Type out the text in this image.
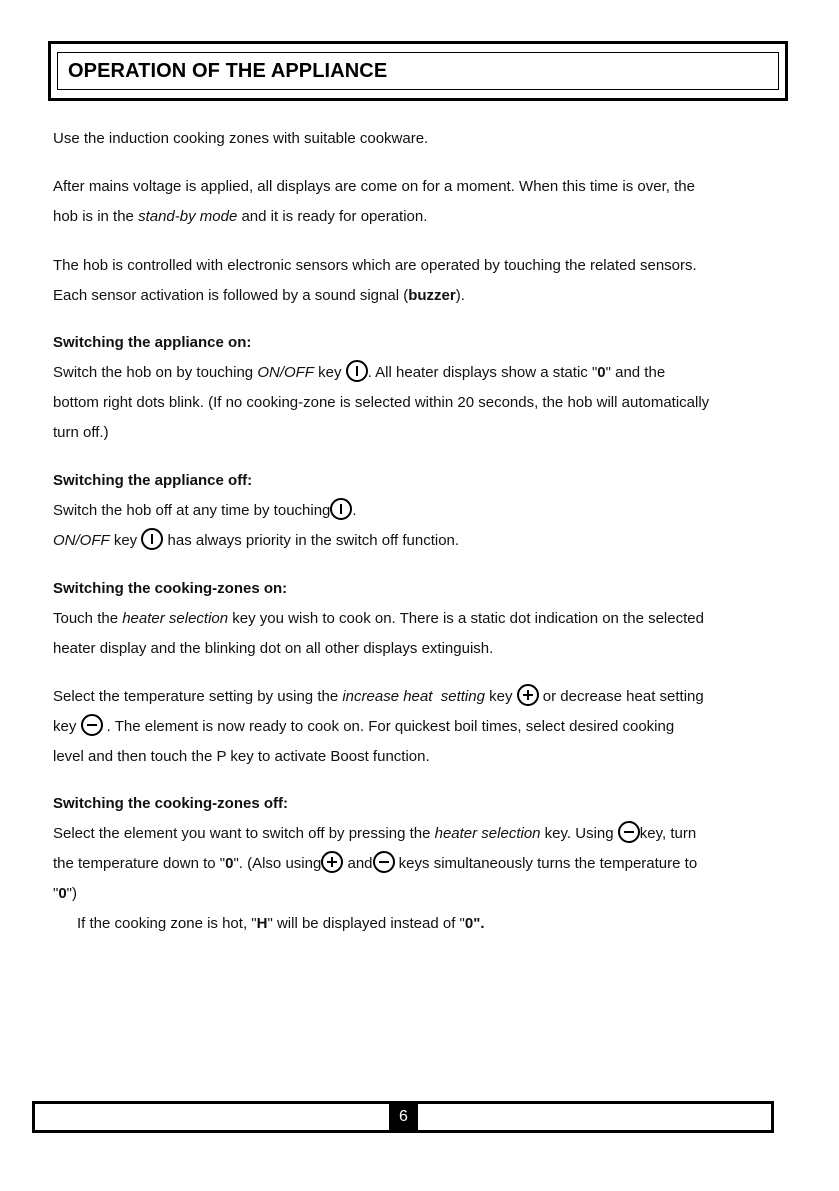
OPERATION OF THE APPLIANCE
Use the induction cooking zones with suitable cookware.
After mains voltage is applied, all displays are come on for a moment. When this time is over, the
hob is in the stand-by mode and it is ready for operation.
The hob is controlled with electronic sensors which are operated by touching the related sensors.
Each sensor activation is followed by a sound signal (buzzer).
Switching the appliance on:
Switch the hob on by touching ON/OFF key . All heater displays show a static "0" and the
bottom right dots blink. (If no cooking-zone is selected within 20 seconds, the hob will automatically
turn off.)
Switching the appliance off:
Switch the hob off at any time by touching .
ON/OFF key  has always priority in the switch off function.
Switching the cooking-zones on:
Touch the heater selection key you wish to cook on. There is a static dot indication on the selected
heater display and the blinking dot on all other displays extinguish.
Select the temperature setting by using the increase heat  setting key  or decrease heat setting
key  . The element is now ready to cook on. For quickest boil times, select desired cooking
level and then touch the P key to activate Boost function.
Switching the cooking-zones off:
Select the element you want to switch off by pressing the heater selection key. Using key, turn
the temperature down to "0". (Also using and keys simultaneously turns the temperature to
"0")
If the cooking zone is hot, "H" will be displayed instead of "0".
6
